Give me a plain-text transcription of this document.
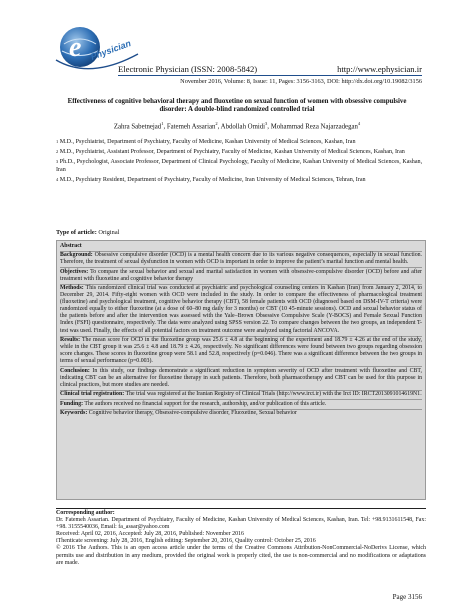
e Physician
Electronic Physician (ISSN: 2008-5842)	http://www.ephysician.ir
November 2016, Volume: 8, Issue: 11, Pages: 3156-3163, DOI: http://dx.doi.org/10.19082/3156
Effectiveness of cognitive behavioral therapy and fluoxetine on sexual function of women with obsessive compulsive disorder: A double-blind randomized controlled trial
Zahra Sabetnejad$^1$, Fatemeh Assarian$^2$, Abdollah Omidi$^3$, Mohammad Reza Najarzadegan$^4$

$^1$ M.D., Psychiatrist, Department of Psychiatry, Faculty of Medicine, Kashan University of Medical Sciences, Kashan, Iran

$^2$ M.D., Psychiatrist, Assistant Professor, Department of Psychiatry, Faculty of Medicine, Kashan University of Medical Sciences, Kashan, Iran

$^3$ Ph.D., Psychologist, Associate Professor, Department of Clinical Psychology, Faculty of Medicine, Kashan University of Medical Sciences, Kashan, Iran

$^4$ M.D., Psychiatry Resident, Department of Psychiatry, Faculty of Medicine, Iran University of Medical Sciences, Tehran, Iran

Type of article: Original
Abstract
Background: Obsessive compulsive disorder (OCD) is a mental health concern due to its various negative consequences, especially in sexual function. Therefore, the treatment of sexual dysfunction in women with OCD is important in order to improve the patient’s marital function and mental health.
Objectives: To compare the sexual behavior and sexual and marital satisfaction in women with obsessive-compulsive disorder (OCD) before and after treatment with fluoxetine and cognitive behavior therapy
Methods: This randomized clinical trial was conducted at psychiatric and psychological counseling centers in Kashan (Iran) from January 2, 2014, to December 29, 2014. Fifty-eight women with OCD were included in the study. In order to compare the effectiveness of pharmacological treatment (fluoxetine) and psychological treatment, cognitive behavior therapy (CBT), 58 female patients with OCD (diagnosed based on DSM-IV-T criteria) were randomized equally to either fluoxetine (at a dose of 60–80 mg daily for 3 months) or CBT (10 45-minute sessions). OCD and sexual behavior status of the patients before and after the intervention was assessed with the Yale–Brown Obsessive Compulsive Scale (Y-BOCS) and Female Sexual Function Index (FSFI) questionnaire, respectively. The data were analyzed using SPSS version 22. To compare changes between the two groups, an independent T-test was used. Finally, the effects of all potential factors on treatment outcome were analyzed using factorial ANCOVA.
Results: The mean score for OCD in the fluoxetine group was 25.6 ± 4.8 at the beginning of the experiment and 18.79 ± 4.26 at the end of the study, while in the CBT group it was 25.6 ± 4.8 and 18.79 ± 4.26, respectively. No significant differences were found between two groups regarding obsession score changes. These scores in fluoxetine group were 58.1 and 52.8, respectively (p=0.046). There was a significant difference between the two groups in terms of sexual performance (p=0.003).
Conclusion: In this study, our findings demonstrate a significant reduction in symptom severity of OCD after treatment with fluoxetine and CBT, indicating CBT can be an alternative for fluoxetine therapy in such patients. Therefore, both pharmacotherapy and CBT can be used for this purpose in clinical practices, but more studies are needed.
Clinical trial registration: The trial was registered at the Iranian Registry of Clinical Trials (http://www.irct.ir) with the Irct ID: IRCT2013091014619N1.
Funding: The authors received no financial support for the research, authorship, and/or publication of this article.
Keywords: Cognitive behavior therapy, Obsessive-compulsive disorder, Fluoxetine, Sexual behavior
Corresponding author:
Dr. Fatemeh Assarian. Department of Psychiatry, Faculty of Medicine, Kashan University of Medical Sciences, Kashan, Iran. Tel: +98.9131611548, Fax: +98. 3155540036, Email: fa_assar@yahoo.com
Received: April 02, 2016, Accepted: July 28, 2016, Published: November 2016
iThenticate screening: July 28, 2016, English editing: September 20, 2016, Quality control: October 25, 2016
© 2016 The Authors. This is an open access article under the terms of the Creative Commons Attribution-NonCommercial-NoDerivs License, which permits use and distribution in any medium, provided the original work is properly cited, the use is non-commercial and no modifications or adaptations are made.
Page 3156
